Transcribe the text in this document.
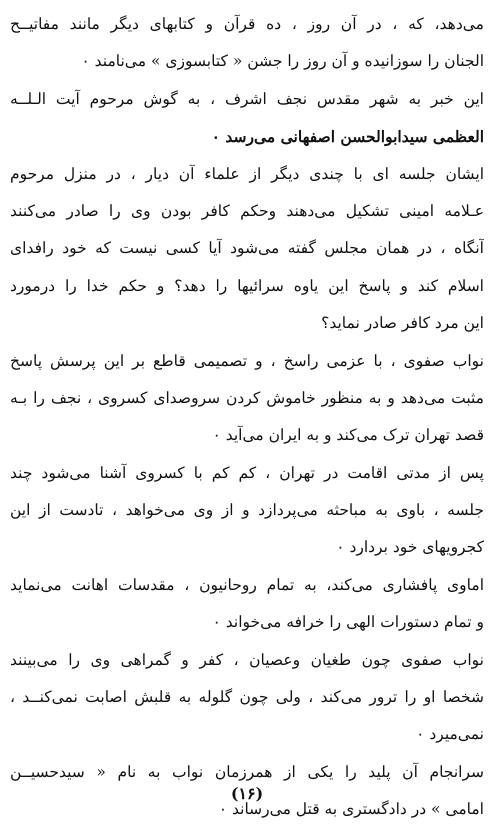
می‌دهد، که ، در آن روز ، ده قرآن و کتابهای دیگر مانند مفاتیــح
الجنان را سوزانیده و آن روز را جشن « کتابسوزی » می‌نامند ۰
این خبر به شهر مقدس نجف اشرف ، به گوش مرحوم آیت الـلــه
العظمی سیدابوالحسن اصفهانی می‌رسد ۰
ایشان جلسه ای با چندی دیگر از علماء آن دیار ، در منزل مرحوم
عـلامه امینی تشکیل می‌دهند وحکم کافر بودن وی را صادر می‌کنند
آنگاه ، در همان مجلس گفته می‌شود آیا کسی نیست که خود رافدای
اسلام کند و پاسخ این یاوه سرائیها را دهد؟ و حکم خدا را درمورد
این مرد کافر صادر نماید؟
نواب صفوی ، با عزمی راسخ ، و تصمیمی قاطع بر این پرسش پاسخ
مثبت می‌دهد و به منظور خاموش کردن سروصدای کسروی ، نجف را بـه
قصد تهران ترک می‌کند و به ایران می‌آید ۰
پس از مدتی اقامت در تهران ، کم کم با کسروی آشنا می‌شود چند
جلسه ، باوی به مباحثه می‌پردازد و از وی می‌خواهد ، تادست از این
کجرویهای خود بردارد ۰
اماوی پافشاری می‌کند، به تمام روحانیون ، مقدسات اهانت می‌نماید
و تمام دستورات الهی را خرافه می‌خواند ۰
نواب صفوی چون طغیان وعصیان ، کفر و گمراهی وی را می‌بینند
شخصا او را ترور می‌کند ، ولی چون گلوله به قلبش اصابت نمی‌کنــد ،
نمی‌میرد ۰
سرانجام آن پلید را یکی از همرزمان نواب به نام « سیدحسیــن
امامی » در دادگستری به قتل می‌رساند ۰
(۱۶)
